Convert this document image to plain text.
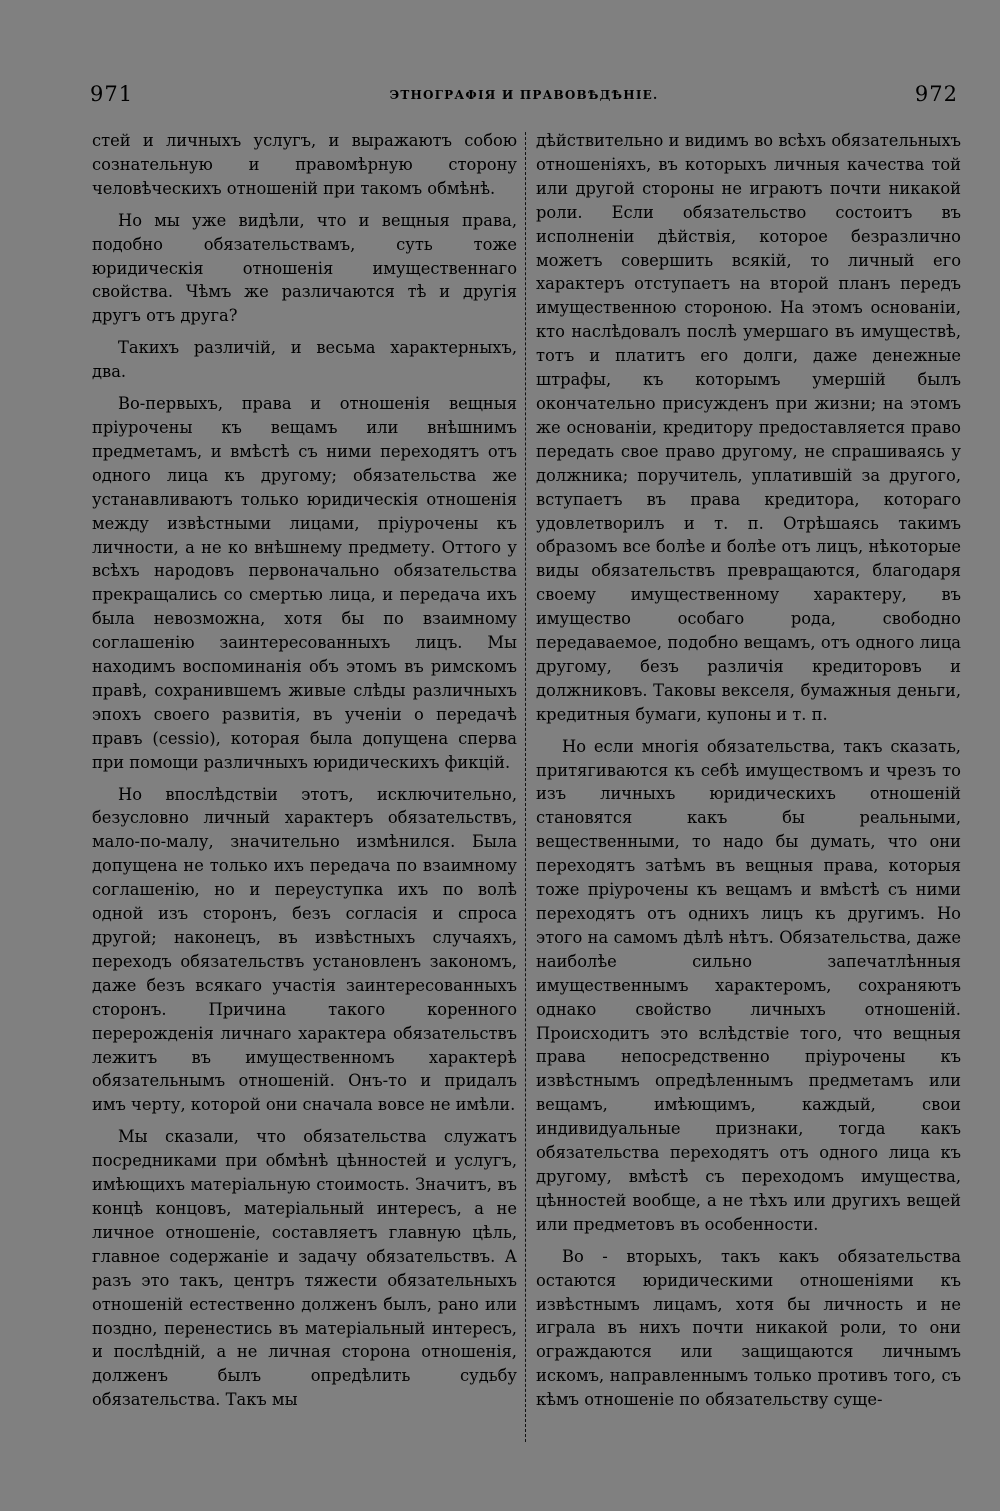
971	ЭТНОГРАФІЯ И ПРАВОВѢДѢНІЕ.	972

стей и личныхъ услугъ, и выражаютъ собою сознательную и правомѣрную сторону человѣческихъ отношеній при такомъ обмѣнѣ.

Но мы уже видѣли, что и вещныя права, подобно обязательствамъ, суть тоже юридическія отношенія имущественнаго свойства. Чѣмъ же различаются тѣ и другія другъ отъ друга?

Такихъ различій, и весьма характерныхъ, два.

Во-первыхъ, права и отношенія вещныя пріурочены къ вещамъ или внѣшнимъ предметамъ, и вмѣстѣ съ ними переходятъ отъ одного лица къ другому; обязательства же устанавливаютъ только юридическія отношенія между извѣстными лицами, пріурочены къ личности, а не ко внѣшнему предмету. Оттого у всѣхъ народовъ первоначально обязательства прекращались со смертью лица, и передача ихъ была невозможна, хотя бы по взаимному соглашенію заинтересованныхъ лицъ. Мы находимъ воспоминанія объ этомъ въ римскомъ правѣ, сохранившемъ живые слѣды различныхъ эпохъ своего развитія, въ ученіи о передачѣ правъ (cessio), которая была допущена сперва при помощи различныхъ юридическихъ фикцій.

Но впослѣдствіи этотъ, исключительно, безусловно личный характеръ обязательствъ, мало-по-малу, значительно измѣнился. Была допущена не только ихъ передача по взаимному соглашенію, но и переуступка ихъ по волѣ одной изъ сторонъ, безъ согласія и спроса другой; наконецъ, въ извѣстныхъ случаяхъ, переходъ обязательствъ установленъ закономъ, даже безъ всякаго участія заинтересованныхъ сторонъ. Причина такого коренного перерожденія личнаго характера обязательствъ лежитъ въ имущественномъ характерѣ обязательнымъ отношеній. Онъ-то и придалъ имъ черту, которой они сначала вовсе не имѣли.

Мы сказали, что обязательства служатъ посредниками при обмѣнѣ цѣнностей и услугъ, имѣющихъ матеріальную стоимость. Значитъ, въ концѣ концовъ, матеріальный интересъ, а не личное отношеніе, составляетъ главную цѣль, главное содержаніе и задачу обязательствъ. А разъ это такъ, центръ тяжести обязательныхъ отношеній естественно долженъ былъ, рано или поздно, перенестись въ матеріальный интересъ, и послѣдній, а не личная сторона отношенія, долженъ былъ опредѣлить судьбу обязательства. Такъ мы

дѣйствительно и видимъ во всѣхъ обязательныхъ отношеніяхъ, въ которыхъ личныя качества той или другой стороны не играютъ почти никакой роли. Если обязательство состоитъ въ исполненіи дѣйствія, которое безразлично можетъ совершить всякій, то личный его характеръ отступаетъ на второй планъ передъ имущественною стороною. На этомъ основаніи, кто наслѣдовалъ послѣ умершаго въ имуществѣ, тотъ и платитъ его долги, даже денежные штрафы, къ которымъ умершій былъ окончательно присужденъ при жизни; на этомъ же основаніи, кредитору предоставляется право передать свое право другому, не спрашиваясь у должника; поручитель, уплатившій за другого, вступаетъ въ права кредитора, котораго удовлетворилъ и т. п. Отрѣшаясь такимъ образомъ все болѣе и болѣе отъ лицъ, нѣкоторые виды обязательствъ превращаются, благодаря своему имущественному характеру, въ имущество особаго рода, свободно передаваемое, подобно вещамъ, отъ одного лица другому, безъ различія кредиторовъ и должниковъ. Таковы векселя, бумажныя деньги, кредитныя бумаги, купоны и т. п.

Но если многія обязательства, такъ сказать, притягиваются къ себѣ имуществомъ и чрезъ то изъ личныхъ юридическихъ отношеній становятся какъ бы реальными, вещественными, то надо бы думать, что они переходятъ затѣмъ въ вещныя права, которыя тоже пріурочены къ вещамъ и вмѣстѣ съ ними переходятъ отъ однихъ лицъ къ другимъ. Но этого на самомъ дѣлѣ нѣтъ. Обязательства, даже наиболѣе сильно запечатлѣнныя имущественнымъ характеромъ, сохраняютъ однако свойство личныхъ отношеній. Происходитъ это вслѣдствіе того, что вещныя права непосредственно пріурочены къ извѣстнымъ опредѣленнымъ предметамъ или вещамъ, имѣющимъ, каждый, свои индивидуальные признаки, тогда какъ обязательства переходятъ отъ одного лица къ другому, вмѣстѣ съ переходомъ имущества, цѣнностей вообще, а не тѣхъ или другихъ вещей или предметовъ въ особенности.

Во - вторыхъ, такъ какъ обязательства остаются юридическими отношеніями къ извѣстнымъ лицамъ, хотя бы личность и не играла въ нихъ почти никакой роли, то они ограждаются или защищаются личнымъ искомъ, направленнымъ только противъ того, съ кѣмъ отношеніе по обязательству суще-
